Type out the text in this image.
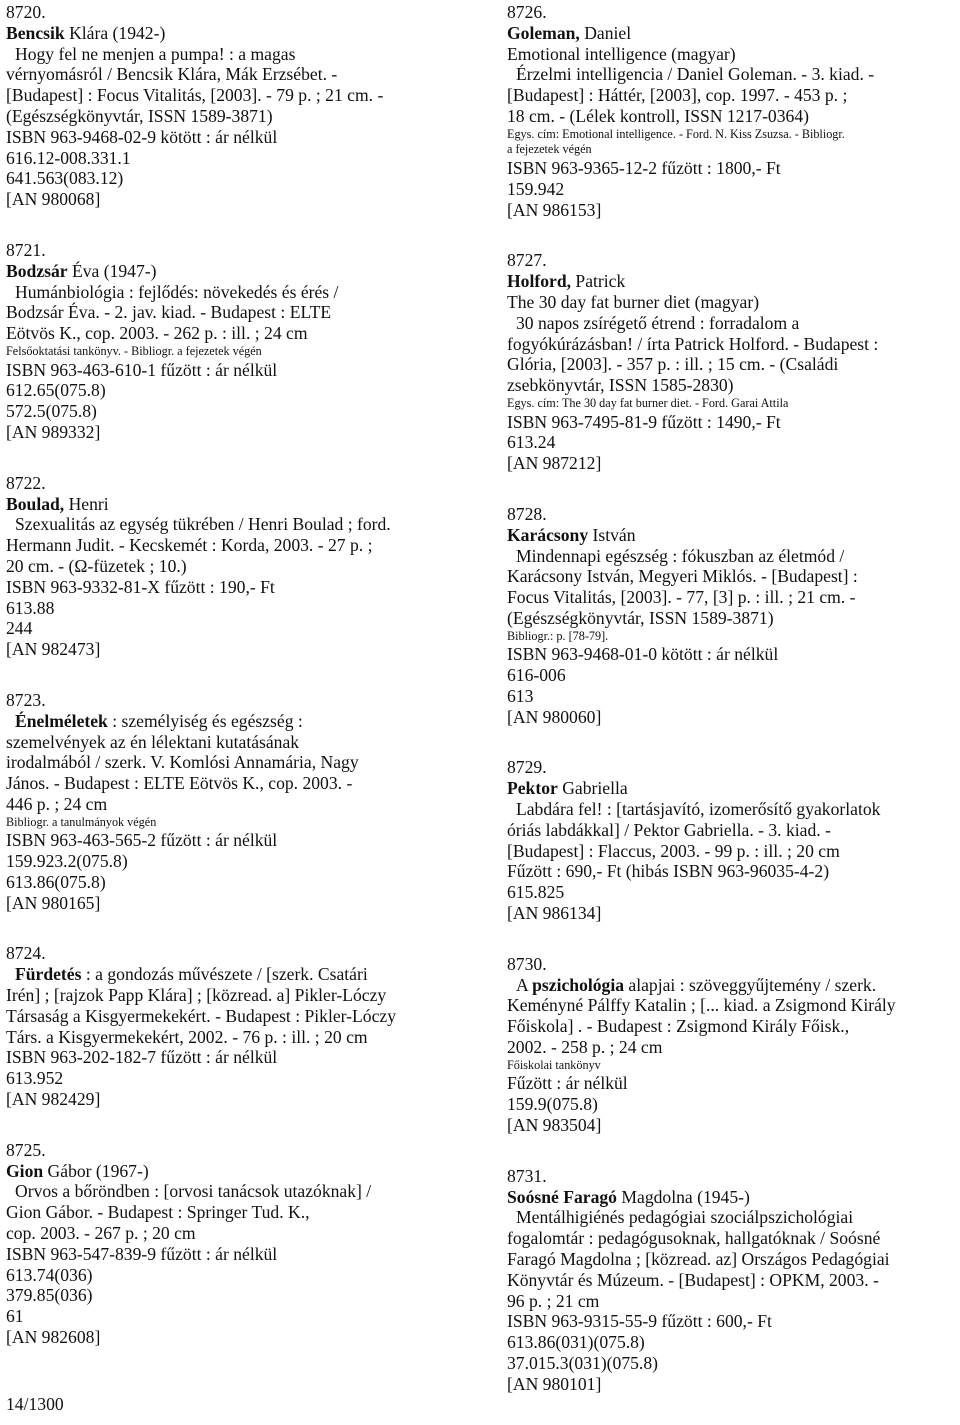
8720.
Bencsik Klára (1942-)
Hogy fel ne menjen a pumpa! : a magas
vérnyomásról / Bencsik Klára, Mák Erzsébet. -
[Budapest] : Focus Vitalitás, [2003]. - 79 p. ; 21 cm. -
(Egészségkönyvtár, ISSN 1589-3871)
ISBN 963-9468-02-9 kötött : ár nélkül
616.12-008.331.1
641.563(083.12)
[AN 980068]
8721.
Bodzsár Éva (1947-)
Humánbiológia : fejlődés: növekedés és érés /
Bodzsár Éva. - 2. jav. kiad. - Budapest : ELTE
Eötvös K., cop. 2003. - 262 p. : ill. ; 24 cm
Felsőoktatási tankönyv. - Bibliogr. a fejezetek végén
ISBN 963-463-610-1 fűzött : ár nélkül
612.65(075.8)
572.5(075.8)
[AN 989332]
8722.
Boulad, Henri
Szexualitás az egység tükrében / Henri Boulad ; ford.
Hermann Judit. - Kecskemét : Korda, 2003. - 27 p. ;
20 cm. - (Ω-füzetek ; 10.)
ISBN 963-9332-81-X fűzött : 190,- Ft
613.88
244
[AN 982473]
8723.
Énelméletek : személyiség és egészség :
szemelvények az én lélektani kutatásának
irodalmából / szerk. V. Komlósi Annamária, Nagy
János. - Budapest : ELTE Eötvös K., cop. 2003. -
446 p. ; 24 cm
Bibliogr. a tanulmányok végén
ISBN 963-463-565-2 fűzött : ár nélkül
159.923.2(075.8)
613.86(075.8)
[AN 980165]
8724.
Fürdetés : a gondozás művészete / [szerk. Csatári
Irén] ; [rajzok Papp Klára] ; [közread. a] Pikler-Lóczy
Társaság a Kisgyermekekért. - Budapest : Pikler-Lóczy
Társ. a Kisgyermekekért, 2002. - 76 p. : ill. ; 20 cm
ISBN 963-202-182-7 fűzött : ár nélkül
613.952
[AN 982429]
8725.
Gion Gábor (1967-)
Orvos a bőröndben : [orvosi tanácsok utazóknak] /
Gion Gábor. - Budapest : Springer Tud. K.,
cop. 2003. - 267 p. ; 20 cm
ISBN 963-547-839-9 fűzött : ár nélkül
613.74(036)
379.85(036)
61
[AN 982608]
8726.
Goleman, Daniel
Emotional intelligence (magyar)
Érzelmi intelligencia / Daniel Goleman. - 3. kiad. -
[Budapest] : Háttér, [2003], cop. 1997. - 453 p. ;
18 cm. - (Lélek kontroll, ISSN 1217-0364)
Egys. cím: Emotional intelligence. - Ford. N. Kiss Zsuzsa. - Bibliogr.
a fejezetek végén
ISBN 963-9365-12-2 fűzött : 1800,- Ft
159.942
[AN 986153]
8727.
Holford, Patrick
The 30 day fat burner diet (magyar)
30 napos zsírégető étrend : forradalom a
fogyókúrázásban! / írta Patrick Holford. - Budapest :
Glória, [2003]. - 357 p. : ill. ; 15 cm. - (Családi
zsebkönyvtár, ISSN 1585-2830)
Egys. cím: The 30 day fat burner diet. - Ford. Garai Attila
ISBN 963-7495-81-9 fűzött : 1490,- Ft
613.24
[AN 987212]
8728.
Karácsony István
Mindennapi egészség : fókuszban az életmód /
Karácsony István, Megyeri Miklós. - [Budapest] :
Focus Vitalitás, [2003]. - 77, [3] p. : ill. ; 21 cm. -
(Egészségkönyvtár, ISSN 1589-3871)
Bibliogr.: p. [78-79].
ISBN 963-9468-01-0 kötött : ár nélkül
616-006
613
[AN 980060]
8729.
Pektor Gabriella
Labdára fel! : [tartásjavító, izomerősítő gyakorlatok
óriás labdákkal] / Pektor Gabriella. - 3. kiad. -
[Budapest] : Flaccus, 2003. - 99 p. : ill. ; 20 cm
Fűzött : 690,- Ft (hibás ISBN 963-96035-4-2)
615.825
[AN 986134]
8730.
A pszichológia alapjai : szöveggyűjtemény / szerk.
Keményné Pálffy Katalin ; [... kiad. a Zsigmond Király
Főiskola] . - Budapest : Zsigmond Király Főisk.,
2002. - 258 p. ; 24 cm
Főiskolai tankönyv
Fűzött : ár nélkül
159.9(075.8)
[AN 983504]
8731.
Soósné Faragó Magdolna (1945-)
Mentálhigiénés pedagógiai szociálpszichológiai
fogalomtár : pedagógusoknak, hallgatóknak / Soósné
Faragó Magdolna ; [közread. az] Országos Pedagógiai
Könyvtár és Múzeum. - [Budapest] : OPKM, 2003. -
96 p. ; 21 cm
ISBN 963-9315-55-9 fűzött : 600,- Ft
613.86(031)(075.8)
37.015.3(031)(075.8)
[AN 980101]
14/1300
